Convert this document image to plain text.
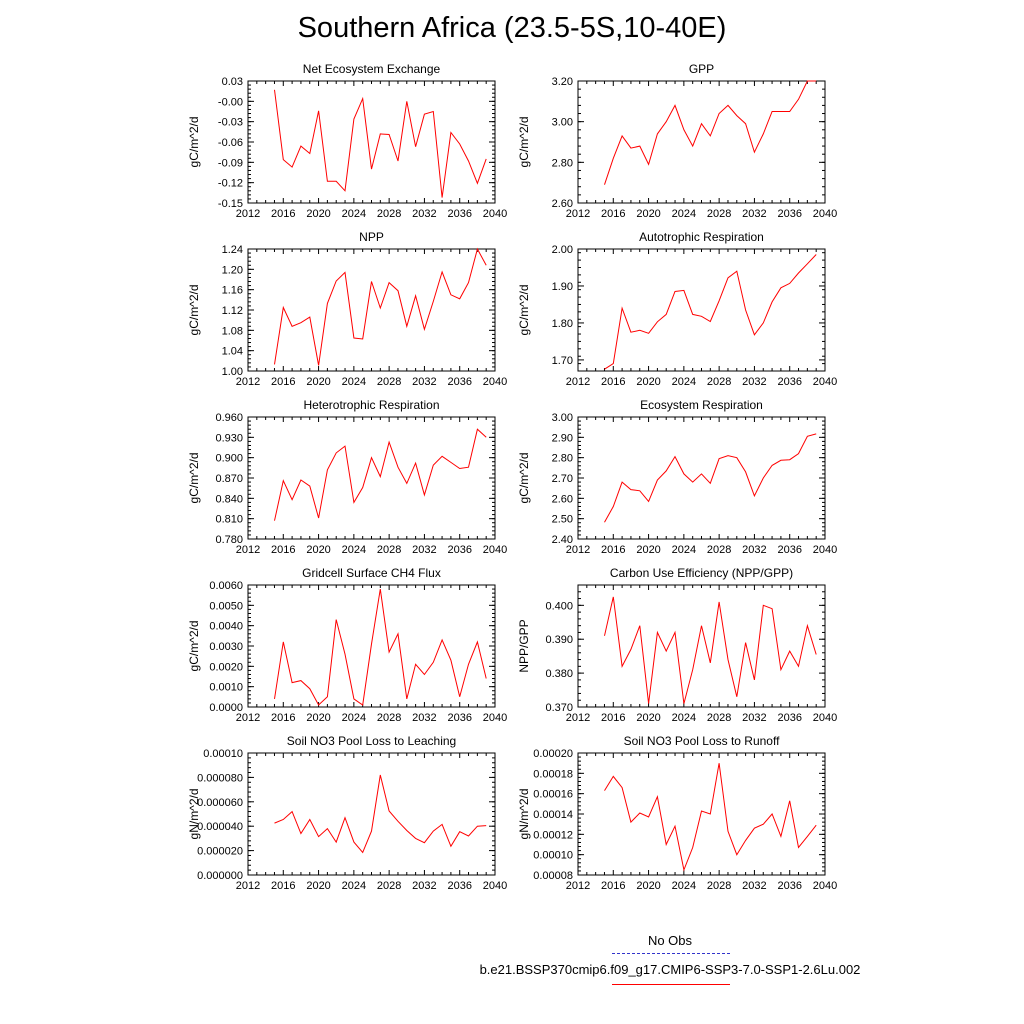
Southern Africa (23.5-5S,10-40E)
Net Ecosystem Exchange
gC/m^2/d
2012 2016 2020 2024 2028 2032 2036 2040
-0.15
-0.12
-0.09
-0.06
-0.03
-0.00
0.03
GPP
gC/m^2/d
2012 2016 2020 2024 2028 2032 2036 2040
2.60
2.80
3.00
3.20
NPP
gC/m^2/d
2012 2016 2020 2024 2028 2032 2036 2040
1.00
1.04
1.08
1.12
1.16
1.20
1.24
Autotrophic Respiration
gC/m^2/d
2012 2016 2020 2024 2028 2032 2036 2040
1.70
1.80
1.90
2.00
Heterotrophic Respiration
gC/m^2/d
2012 2016 2020 2024 2028 2032 2036 2040
0.780
0.810
0.840
0.870
0.900
0.930
0.960
Ecosystem Respiration
gC/m^2/d
2012 2016 2020 2024 2028 2032 2036 2040
2.40
2.50
2.60
2.70
2.80
2.90
3.00
Gridcell Surface CH4 Flux
gC/m^2/d
2012 2016 2020 2024 2028 2032 2036 2040
0.0000
0.0010
0.0020
0.0030
0.0040
0.0050
0.0060
Carbon Use Efficiency (NPP/GPP)
NPP/GPP
2012 2016 2020 2024 2028 2032 2036 2040
0.370
0.380
0.390
0.400
Soil NO3 Pool Loss to Leaching
gN/m^2/d
2012 2016 2020 2024 2028 2032 2036 2040
0.000000
0.000020
0.000040
0.000060
0.000080
0.00010
Soil NO3 Pool Loss to Runoff
gN/m^2/d
2012 2016 2020 2024 2028 2032 2036 2040
0.00008
0.00010
0.00012
0.00014
0.00016
0.00018
0.00020
No Obs
b.e21.BSSP370cmip6.f09_g17.CMIP6-SSP3-7.0-SSP1-2.6Lu.002
